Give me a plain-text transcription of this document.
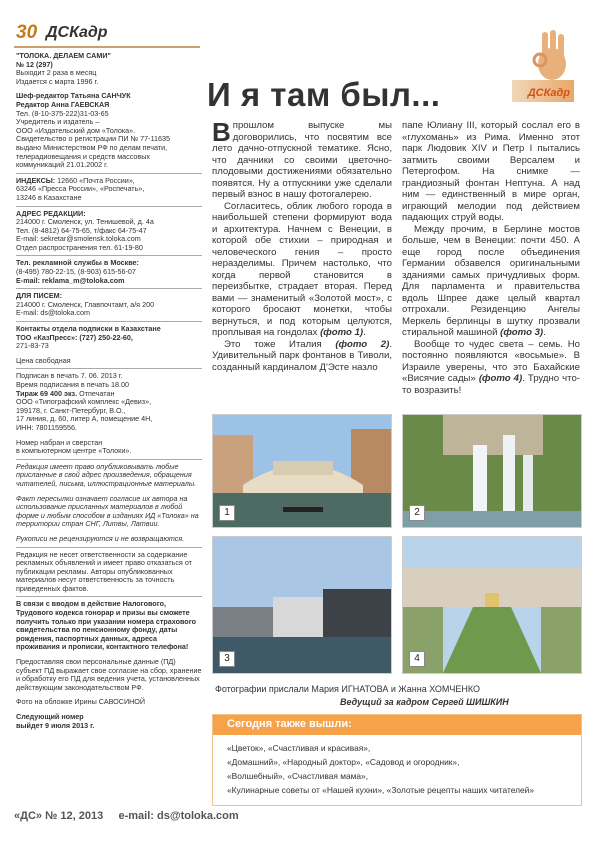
30 ДСКадр

"ТОЛОКА. ДЕЛАЕМ САМИ"

№ 12 (297)

Выходит 2 раза в месяц

Издается с марта 1996 г.

Шеф-редактор Татьяна САНЧУК

Редактор Анна ГАЕВСКАЯ

Тел. (8-10-375-222)31-03-65

Учредитель и издатель –

ООО «Издательский дом «Толока».

Свидетельство о регистрации ПИ № 77-11635

выдано Министерством РФ по делам печати,

телерадиовещания и средств массовых

коммуникаций 21.01.2002 г.

ИНДЕКСЫ: 12660 «Почта России»,

63246 «Пресса России», «Роспечать»,

13246 в Казахстане

АДРЕС РЕДАКЦИИ:

214000 г. Смоленск, ул. Тенишевой, д. 4а

Тел. (8-4812) 64-75-65, т/факс 64-75-47

E-mail: sekretar@smolensk.toloka.com

Отдел распространения тел. 61-19-80

Тел. рекламной службы в Москве:

(8-495) 780-22-15, (8-903) 615-56-07

E-mail: reklama_m@toloka.com

ДЛЯ ПИСЕМ:

214000 г. Смоленск, Главпочтамт, а/я 200

E-mail: ds@toloka.com

Контакты отдела подписки в Казахстане

ТОО «КазПресс»: (727) 250-22-60,

271-83-73

Цена свободная

Подписан в печать 7. 06. 2013 г.

Время подписания в печать 18.00

Тираж 69 400 экз. Отпечатан

ООО «Типографский комплекс «Девиз»,

199178, г. Санкт-Петербург, В.О.,

17 линия, д. 60, литер А, помещение 4Н,

ИНН: 7801159556.

Номер набран и сверстан

в компьютерном центре «Толоки».

Редакция имеет право опубликовывать любые присланные в свой адрес произведения, обращения читателей, письма, иллюстрационные материалы.

Факт пересылки означает согласие их автора на использование присланных материалов в любой форме и любым способом в изданиях ИД «Толока» на территории стран СНГ, Литвы, Латвии.

Рукописи не рецензируются и не возвращаются.

Редакция не несет ответственности за содержание рекламных объявлений и имеет право отказаться от публикации рекламы. Авторы опубликованных материалов несут ответственность за точность приведенных фактов.

В связи с вводом в действие Налогового, Трудового кодекса гонорар и призы вы сможете получить только при указании номера страхового свидетельства по пенсионному фонду, даты рождения, паспортных данных, адреса проживания и прописки, контактного телефона!

Предоставляя свои персональные данные (ПД) субъект ПД выражает свое согласие на сбор, хранение и обработку его ПД для ведения учета, установленных действующим законодательством РФ.

Фото на обложке Ирины САВОСИНОЙ

Следующий номер

выйдет 9 июля 2013 г.

И я там был...	ДСКадр

Впрошлом выпуске мы договорились, что посвятим все лето дачно-отпускной тематике. Ясно, что дачники со своими цветочно-плодовыми достижениями обязательно появятся. Ну а отпускники уже сделали первый взнос в нашу фотогалерею.

Согласитесь, облик любого города в наибольшей степени формируют вода и архитектура. Начнем с Венеции, в которой обе стихии – природная и человеческого гения – просто неразделимы. Причем настолько, что когда первой становится в переизбытке, страдает вторая. Перед вами — знаменитый «Золотой мост», с которого бросают монетки, чтобы вернуться, и под которым целуются, проплывая на гондолах (фото 1).

Это тоже Италия (фото 2). Удивительный парк фонтанов в Тиволи, созданный кардиналом Д'Эсте назло

папе Юлиану III, который сослал его в «глухомань» из Рима. Именно этот парк Людовик XIV и Петр I пытались затмить своими Версалем и Петергофом. На снимке — грандиозный фонтан Нептуна. А над ним — единственный в мире орган, играющий мелодии под действием падающих струй воды.

Между прочим, в Берлине мостов больше, чем в Венеции: почти 450. А еще город после объединения Германии обзавелся оригинальными зданиями самых причудливых форм. Для парламента и правительства вдоль Шпрее даже целый квартал отгрохали. Резиденцию Ангелы Меркель берлинцы в шутку прозвали стиральной машиной (фото 3).

Вообще то чудес света – семь. Но постоянно появляются «восьмые». В Израиле уверены, что это Бахайские «Висячие сады» (фото 4). Трудно что-то возразить!

1	2
3	4
Фотографии прислали Мария ИГНАТОВА и Жанна ХОМЧЕНКО
Ведущий за кадром Сергей ШИШКИН
Сегодня также вышли:
«Цветок», «Счастливая и красивая»,
«Домашний», «Народный доктор», «Садовод и огородник»,
«Волшебный», «Счастливая мама»,
«Кулинарные советы от «Нашей кухни», «Золотые рецепты наших читателей»
«ДС» № 12, 2013     e-mail: ds@toloka.com
